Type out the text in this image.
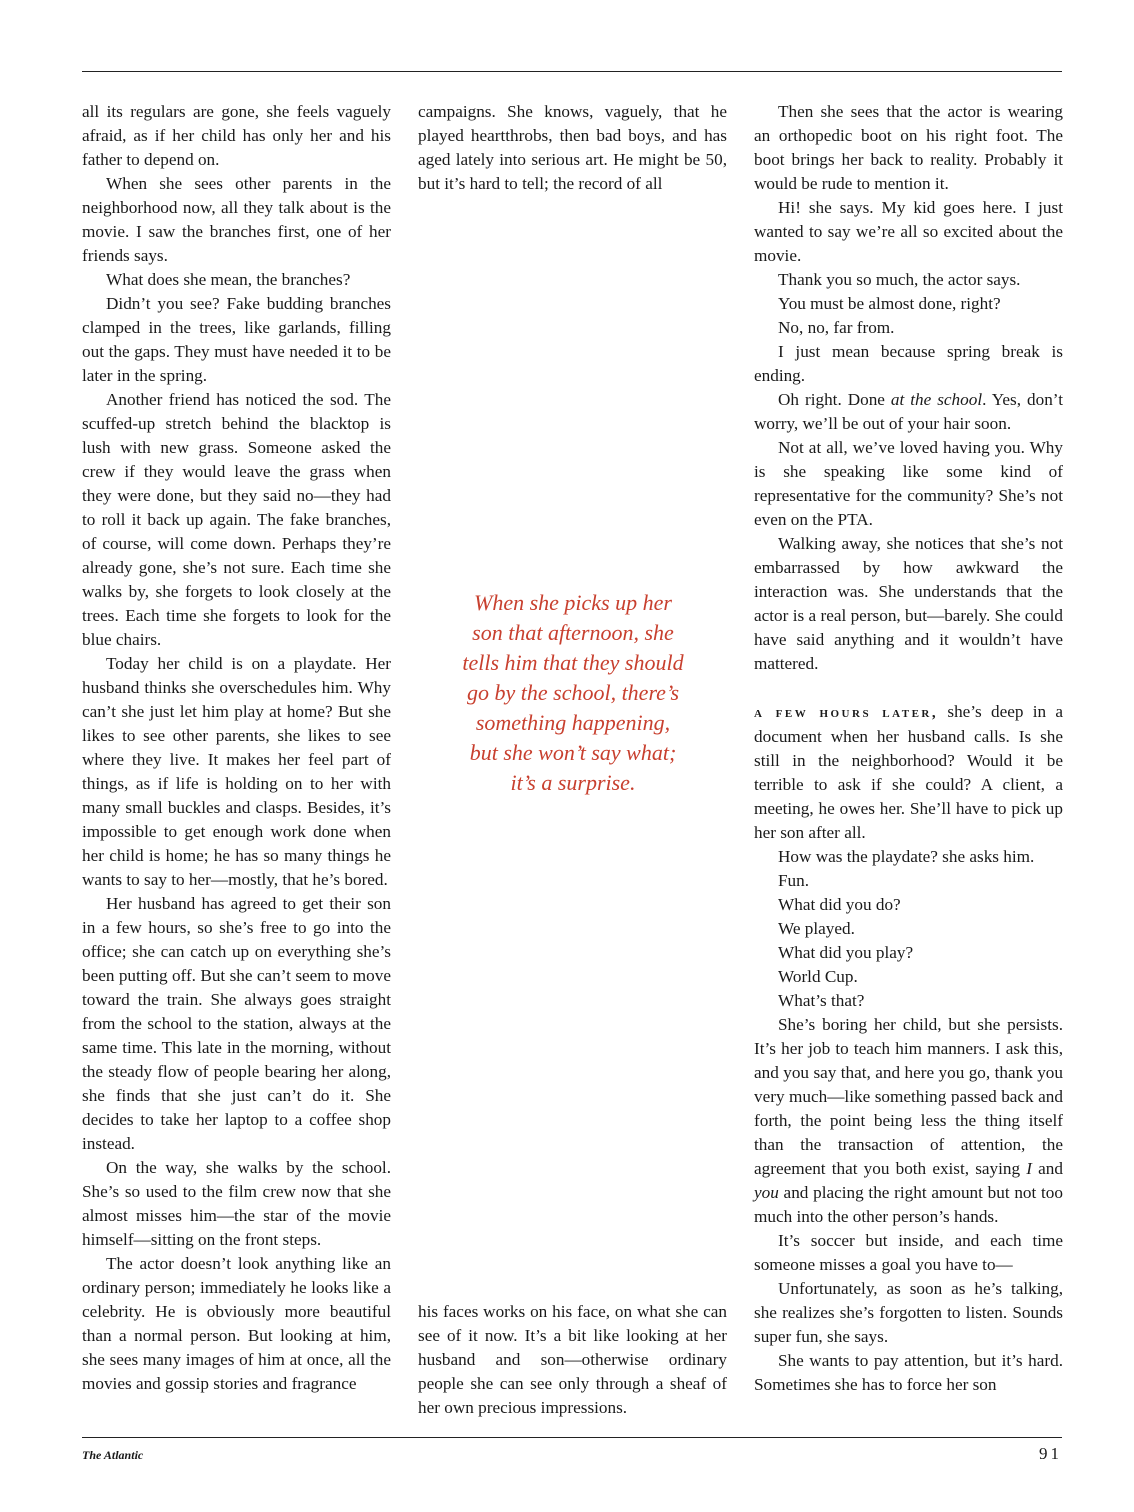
all its regulars are gone, she feels vaguely afraid, as if her child has only her and his father to depend on.

When she sees other parents in the neighborhood now, all they talk about is the movie. I saw the branches first, one of her friends says.

What does she mean, the branches?

Didn’t you see? Fake budding branches clamped in the trees, like garlands, filling out the gaps. They must have needed it to be later in the spring.

Another friend has noticed the sod. The scuffed-up stretch behind the blacktop is lush with new grass. Someone asked the crew if they would leave the grass when they were done, but they said no—they had to roll it back up again. The fake branches, of course, will come down. Perhaps they’re already gone, she’s not sure. Each time she walks by, she forgets to look closely at the trees. Each time she forgets to look for the blue chairs.

Today her child is on a playdate. Her husband thinks she overschedules him. Why can’t she just let him play at home? But she likes to see other parents, she likes to see where they live. It makes her feel part of things, as if life is holding on to her with many small buckles and clasps. Besides, it’s impossible to get enough work done when her child is home; he has so many things he wants to say to her—mostly, that he’s bored.

Her husband has agreed to get their son in a few hours, so she’s free to go into the office; she can catch up on everything she’s been putting off. But she can’t seem to move toward the train. She always goes straight from the school to the station, always at the same time. This late in the morning, without the steady flow of people bearing her along, she finds that she just can’t do it. She decides to take her laptop to a coffee shop instead.

On the way, she walks by the school. She’s so used to the film crew now that she almost misses him—the star of the movie himself—sitting on the front steps.

The actor doesn’t look anything like an ordinary person; immediately he looks like a celebrity. He is obviously more beautiful than a normal person. But looking at him, she sees many images of him at once, all the movies and gossip stories and fragrance

campaigns. She knows, vaguely, that he played heartthrobs, then bad boys, and has aged lately into serious art. He might be 50, but it’s hard to tell; the record of all

When she picks up her son that afternoon, she tells him that they should go by the school, there’s something happening, but she won’t say what; it’s a surprise.

his faces works on his face, on what she can see of it now. It’s a bit like looking at her husband and son—otherwise ordinary people she can see only through a sheaf of her own precious impressions.

Then she sees that the actor is wearing an orthopedic boot on his right foot. The boot brings her back to reality. Probably it would be rude to mention it.

Hi! she says. My kid goes here. I just wanted to say we’re all so excited about the movie.

Thank you so much, the actor says.

You must be almost done, right?

No, no, far from.

I just mean because spring break is ending.

Oh right. Done at the school. Yes, don’t worry, we’ll be out of your hair soon.

Not at all, we’ve loved having you. Why is she speaking like some kind of representative for the community? She’s not even on the PTA.

Walking away, she notices that she’s not embarrassed by how awkward the interaction was. She understands that the actor is a real person, but—barely. She could have said anything and it wouldn’t have mattered.

a few hours later, she’s deep in a document when her husband calls. Is she still in the neighborhood? Would it be terrible to ask if she could? A client, a meeting, he owes her. She’ll have to pick up her son after all.

How was the playdate? she asks him.

Fun.

What did you do?

We played.

What did you play?

World Cup.

What’s that?

She’s boring her child, but she persists. It’s her job to teach him manners. I ask this, and you say that, and here you go, thank you very much—like something passed back and forth, the point being less the thing itself than the transaction of attention, the agreement that you both exist, saying I and you and placing the right amount but not too much into the other person’s hands.

It’s soccer but inside, and each time someone misses a goal you have to—

Unfortunately, as soon as he’s talking, she realizes she’s forgotten to listen. Sounds super fun, she says.

She wants to pay attention, but it’s hard. Sometimes she has to force her son

The Atlantic	91
